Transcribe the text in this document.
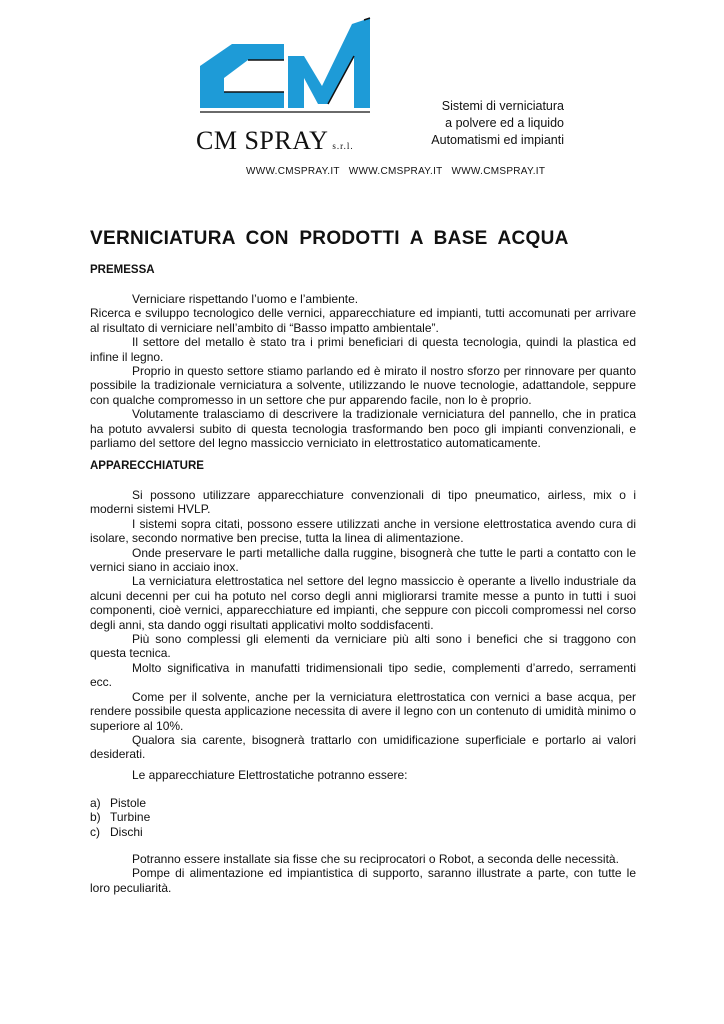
CM SPRAY s.r.l.
Sistemi di verniciatura
a polvere ed a liquido
Automatismi ed impianti
WWW.CMSPRAY.IT WWW.CMSPRAY.IT WWW.CMSPRAY.IT
VERNICIATURA CON PRODOTTI A BASE ACQUA
PREMESSA

Verniciare rispettando l’uomo e l’ambiente.

Ricerca e sviluppo tecnologico delle vernici, apparecchiature ed impianti, tutti accomunati per arrivare al risultato di verniciare nell’ambito di “Basso impatto ambientale”.

Il settore del metallo è stato tra i primi beneficiari di questa tecnologia, quindi la plastica ed infine il legno.

Proprio in questo settore stiamo parlando ed è mirato il nostro sforzo per rinnovare per quanto possibile la tradizionale verniciatura a solvente, utilizzando le nuove tecnologie, adattandole, seppure con qualche compromesso in un settore che pur apparendo facile, non lo è proprio.

Volutamente tralasciamo di descrivere la tradizionale verniciatura del pannello, che in pratica ha potuto avvalersi subito di questa tecnologia trasformando ben poco gli impianti convenzionali, e parliamo del settore del legno massiccio verniciato in elettrostatico automaticamente.

APPARECCHIATURE

Si possono utilizzare apparecchiature convenzionali di tipo pneumatico, airless, mix o i moderni sistemi HVLP.

I sistemi sopra citati, possono essere utilizzati anche in versione elettrostatica avendo cura di isolare, secondo normative ben precise, tutta la linea di alimentazione.

Onde preservare le parti metalliche dalla ruggine, bisognerà che tutte le parti a contatto con le vernici siano in acciaio inox.

La verniciatura elettrostatica nel settore del legno massiccio è operante a livello industriale da alcuni decenni per cui ha potuto nel corso degli anni migliorarsi tramite messe a punto in tutti i suoi componenti, cioè vernici, apparecchiature ed impianti, che seppure con piccoli compromessi nel corso degli anni, sta dando oggi risultati applicativi molto soddisfacenti.

Più sono complessi gli elementi da verniciare più alti sono i benefici che si traggono con questa tecnica.

Molto significativa in manufatti tridimensionali tipo sedie, complementi d’arredo, serramenti ecc.

Come per il solvente, anche per la verniciatura elettrostatica con vernici a base acqua, per rendere possibile questa applicazione necessita di avere il legno con un contenuto di umidità minimo o superiore al 10%.

Qualora sia carente, bisognerà trattarlo con umidificazione superficiale e portarlo ai valori desiderati.

Le apparecchiature Elettrostatiche potranno essere:

a) Pistole
b) Turbine
c) Dischi

Potranno essere installate sia fisse che su reciprocatori o Robot, a seconda delle necessità.

Pompe di alimentazione ed impiantistica di supporto, saranno illustrate a parte, con tutte le loro peculiarità.
